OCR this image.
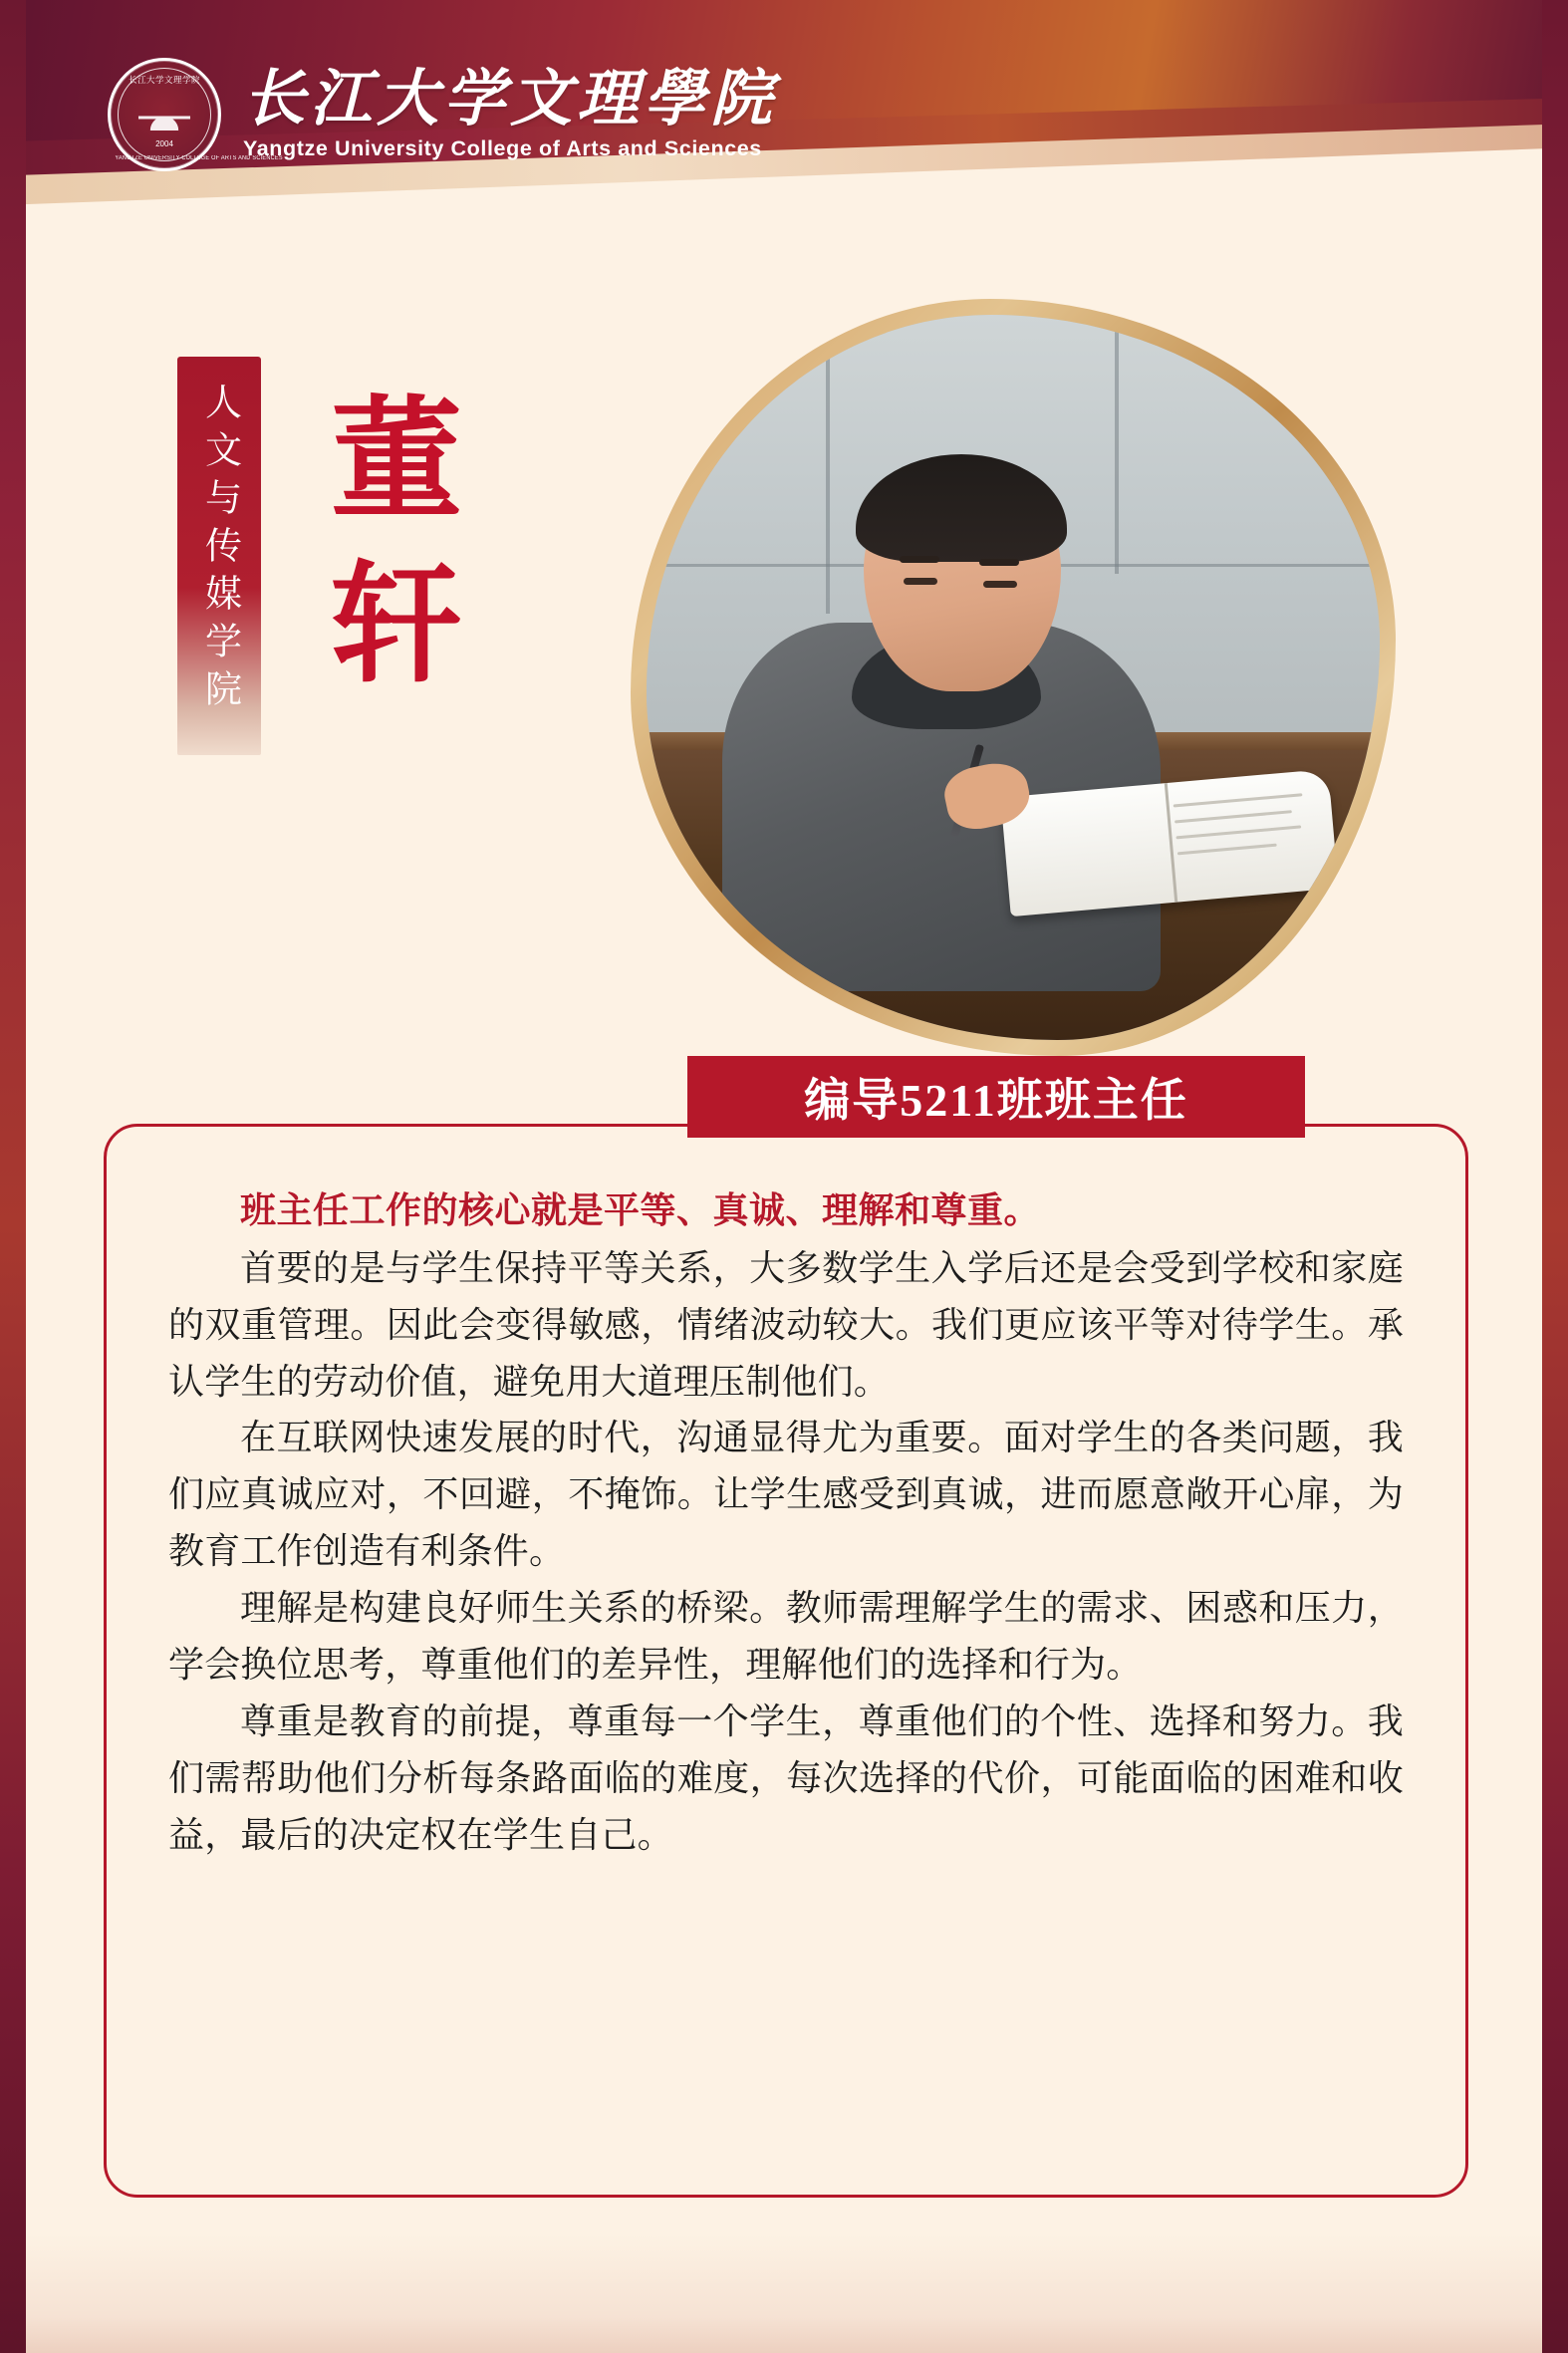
长江大学文理学院
2004
YANGTZE UNIVERSITY COLLEGE OF ARTS AND SCIENCES
长江大学文理學院
Yangtze University College of Arts and Sciences
人文与传媒学院 董轩
编导5211班班主任

班主任工作的核心就是平等、真诚、理解和尊重。

首要的是与学生保持平等关系，大多数学生入学后还是会受到学校和家庭的双重管理。因此会变得敏感，情绪波动较大。我们更应该平等对待学生。承认学生的劳动价值，避免用大道理压制他们。

在互联网快速发展的时代，沟通显得尤为重要。面对学生的各类问题，我们应真诚应对，不回避，不掩饰。让学生感受到真诚，进而愿意敞开心扉，为教育工作创造有利条件。

理解是构建良好师生关系的桥梁。教师需理解学生的需求、困惑和压力，学会换位思考，尊重他们的差异性，理解他们的选择和行为。

尊重是教育的前提，尊重每一个学生，尊重他们的个性、选择和努力。我们需帮助他们分析每条路面临的难度，每次选择的代价，可能面临的困难和收益，最后的决定权在学生自己。
